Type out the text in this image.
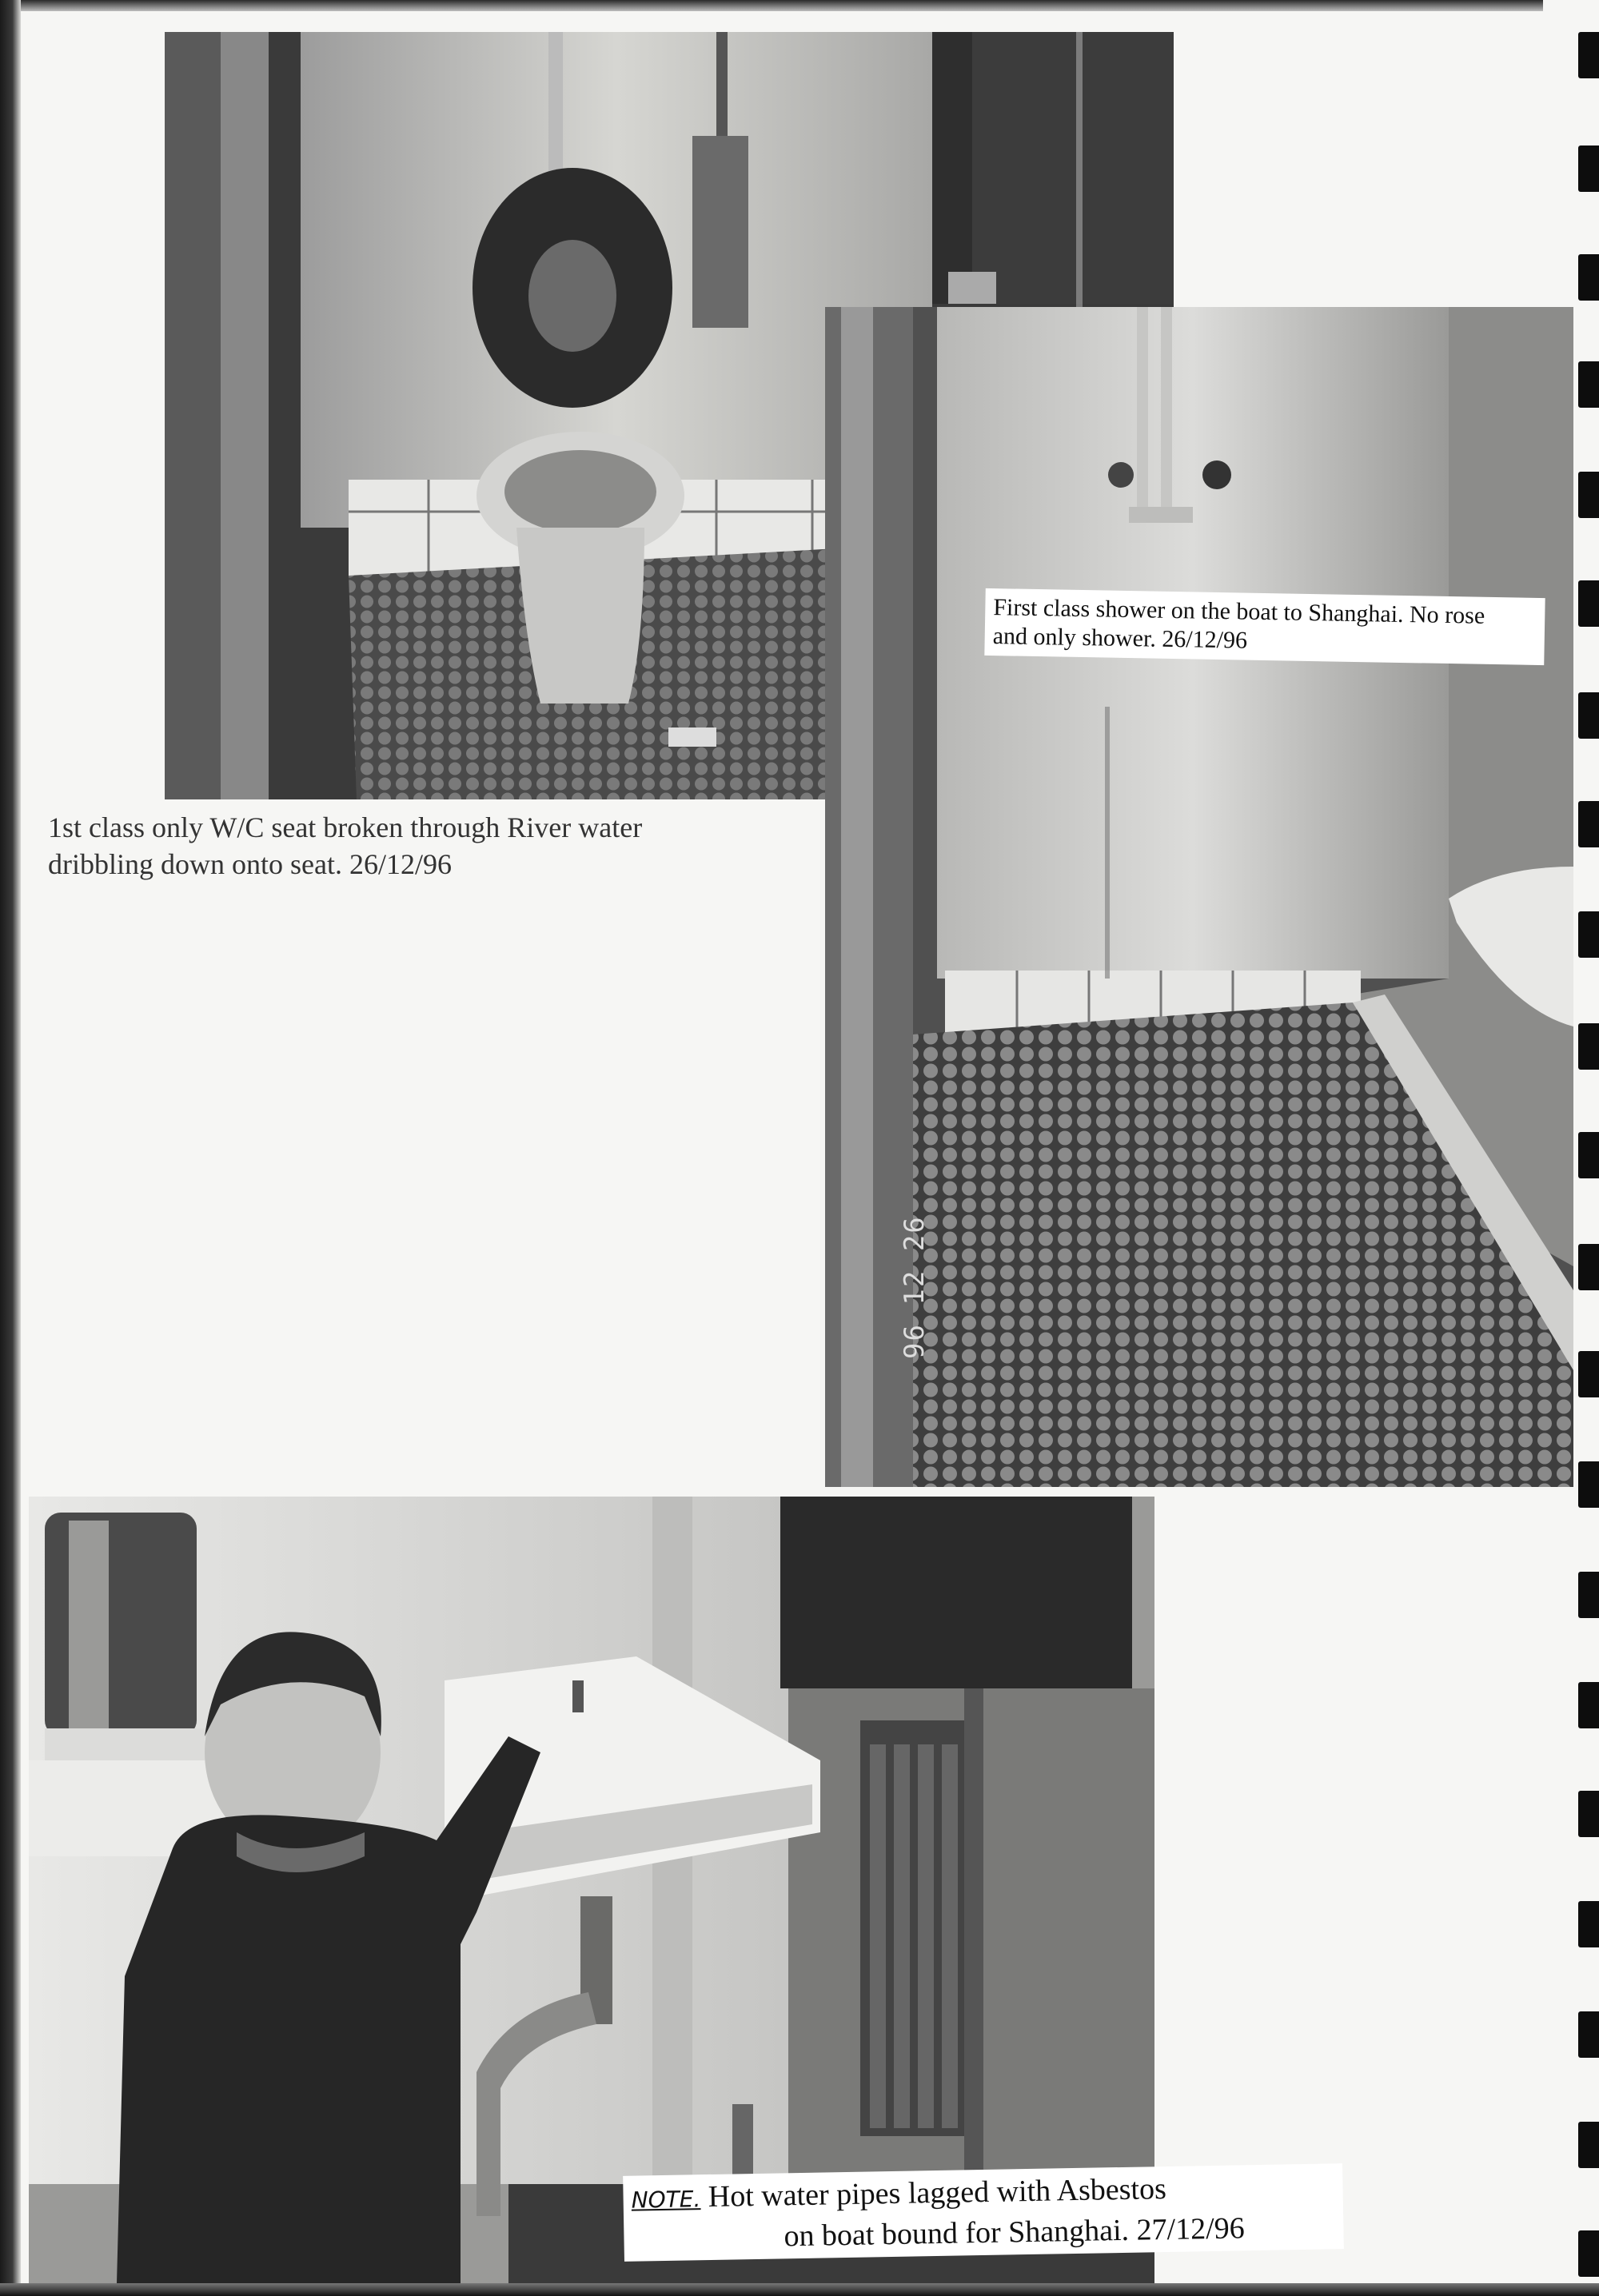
1st class only W/C seat broken through River water
dribbling down onto seat. 26/12/96
First class shower on the boat to Shanghai. No rose
and only shower. 26/12/96
96 12 26
NOTE. Hot water pipes lagged with Asbestos
on boat bound for Shanghai. 27/12/96
